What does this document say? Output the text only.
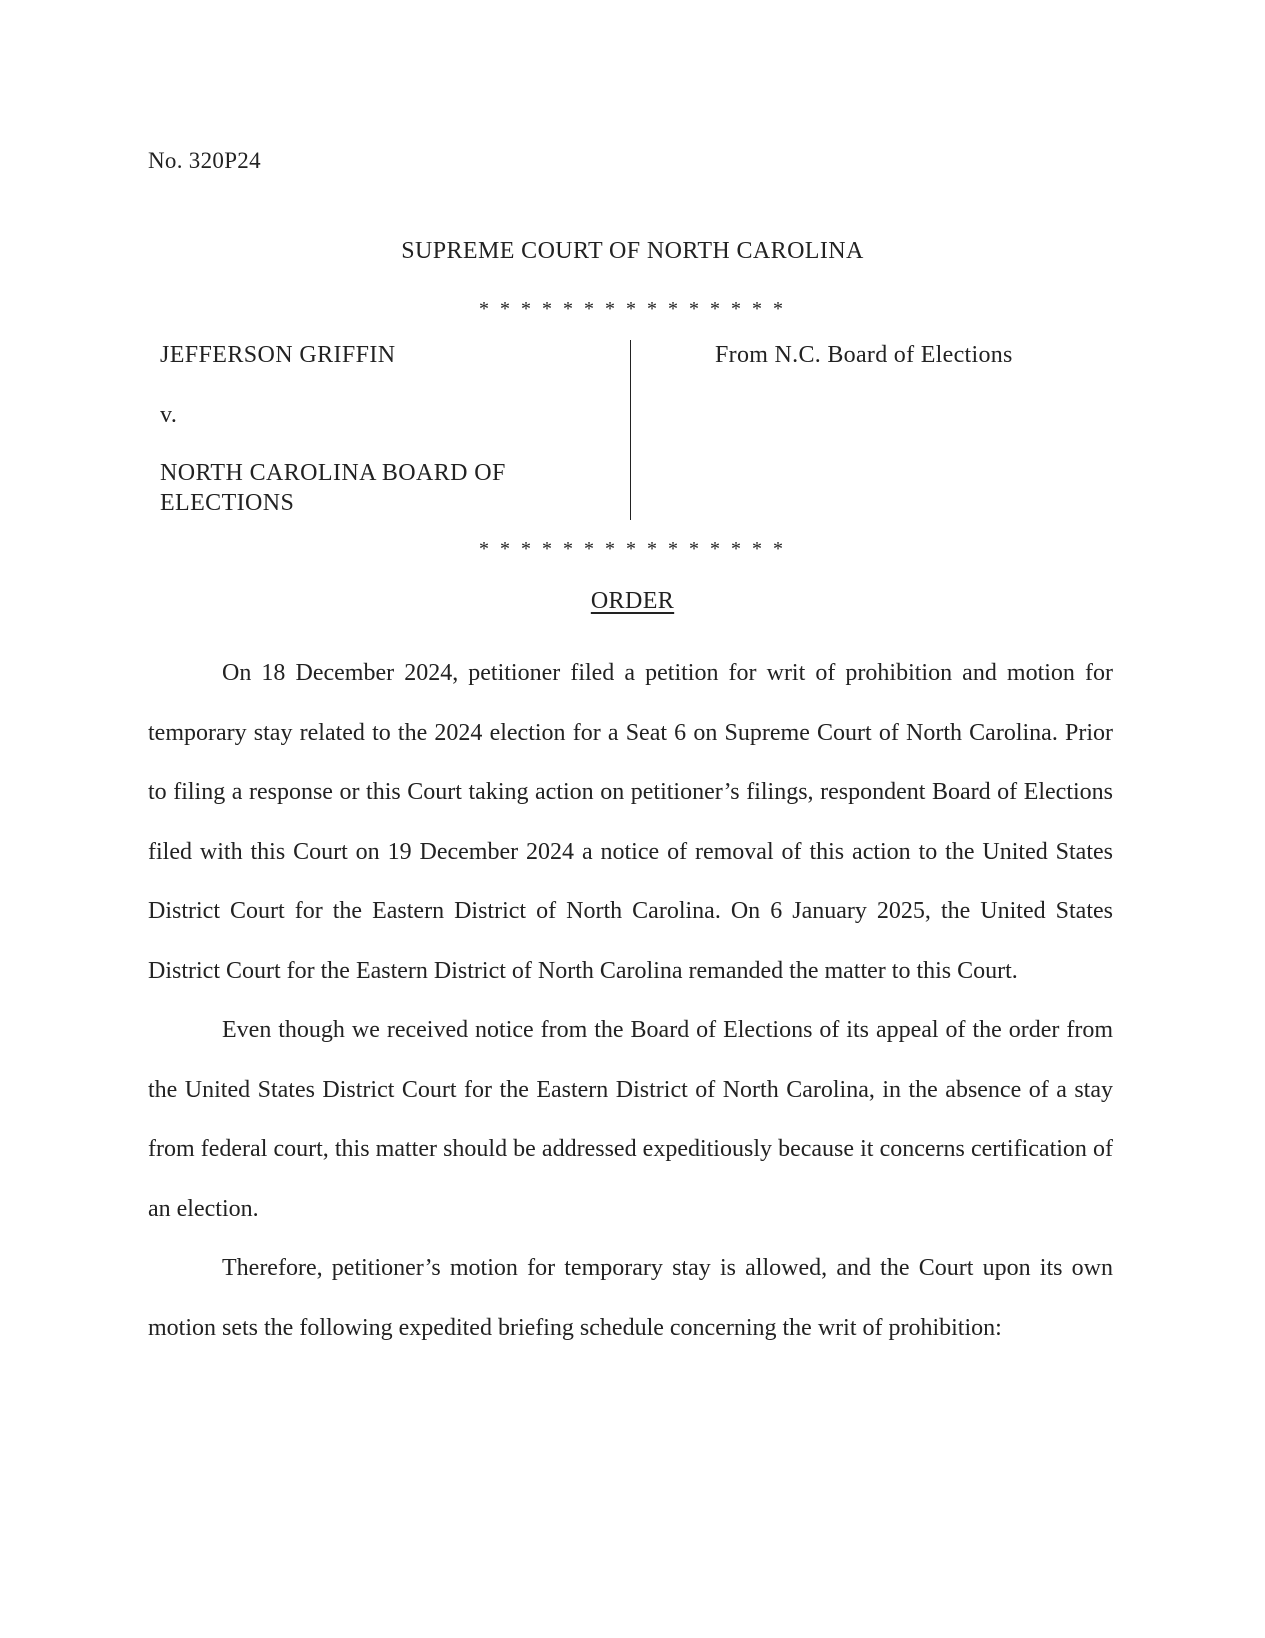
No. 320P24
SUPREME COURT OF NORTH CAROLINA
* * * * * * * * * * * * * * *
JEFFERSON GRIFFIN
v.
NORTH CAROLINA BOARD OF ELECTIONS
From N.C. Board of Elections
* * * * * * * * * * * * * * *
ORDER

On 18 December 2024, petitioner filed a petition for writ of prohibition and motion for temporary stay related to the 2024 election for a Seat 6 on Supreme Court of North Carolina. Prior to filing a response or this Court taking action on petitioner’s filings, respondent Board of Elections filed with this Court on 19 December 2024 a notice of removal of this action to the United States District Court for the Eastern District of North Carolina. On 6 January 2025, the United States District Court for the Eastern District of North Carolina remanded the matter to this Court.

Even though we received notice from the Board of Elections of its appeal of the order from the United States District Court for the Eastern District of North Carolina, in the absence of a stay from federal court, this matter should be addressed expeditiously because it concerns certification of an election.

Therefore, petitioner’s motion for temporary stay is allowed, and the Court upon its own motion sets the following expedited briefing schedule concerning the writ of prohibition:
